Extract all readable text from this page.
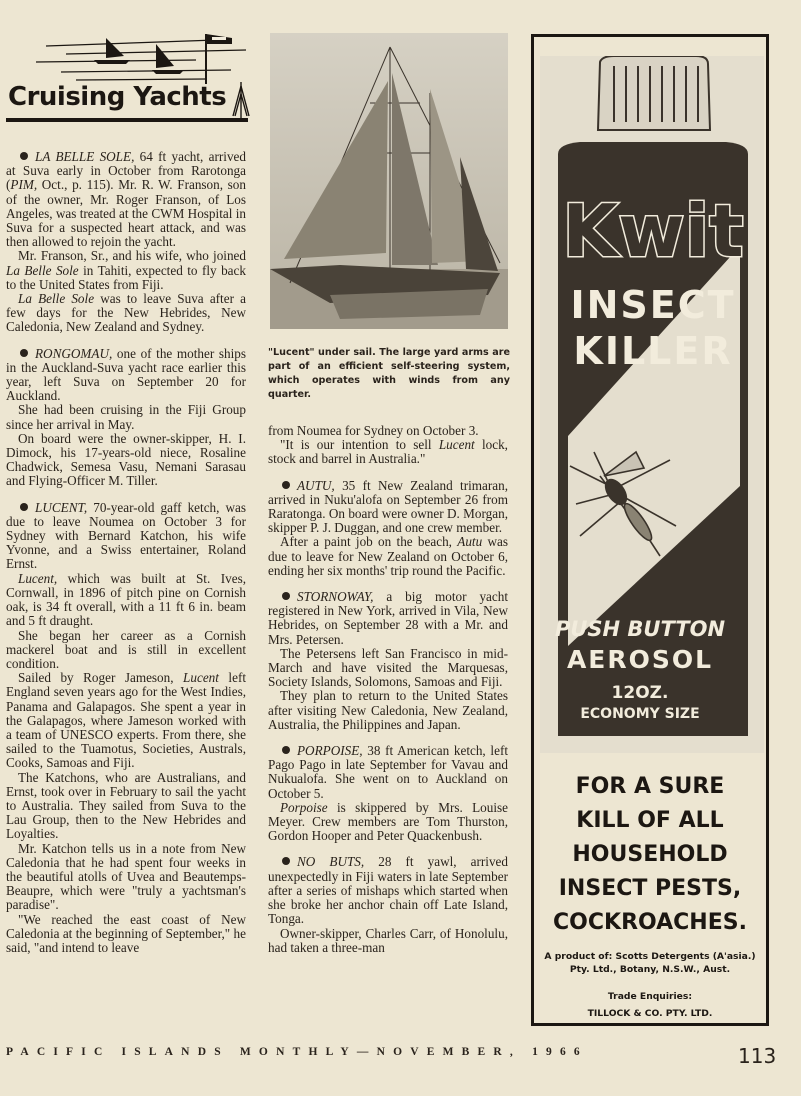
Cruising Yachts

LA BELLE SOLE, 64 ft yacht, arrived at Suva early in October from Rarotonga (PIM, Oct., p. 115). Mr. R. W. Franson, son of the owner, Mr. Roger Franson, of Los Angeles, was treated at the CWM Hospital in Suva for a suspected heart attack, and was then allowed to rejoin the yacht.

Mr. Franson, Sr., and his wife, who joined La Belle Sole in Tahiti, expected to fly back to the United States from Fiji.

La Belle Sole was to leave Suva after a few days for the New Hebrides, New Caledonia, New Zealand and Sydney.

RONGOMAU, one of the mother ships in the Auckland-Suva yacht race earlier this year, left Suva on September 20 for Auckland.

She had been cruising in the Fiji Group since her arrival in May.

On board were the owner-skipper, H. I. Dimock, his 17-years-old niece, Rosaline Chadwick, Semesa Vasu, Nemani Sarasau and Flying-Officer M. Tiller.

LUCENT, 70-year-old gaff ketch, was due to leave Noumea on October 3 for Sydney with Bernard Katchon, his wife Yvonne, and a Swiss entertainer, Roland Ernst.

Lucent, which was built at St. Ives, Cornwall, in 1896 of pitch pine on Cornish oak, is 34 ft overall, with a 11 ft 6 in. beam and 5 ft draught.

She began her career as a Cornish mackerel boat and is still in excellent condition.

Sailed by Roger Jameson, Lucent left England seven years ago for the West Indies, Panama and Galapagos. She spent a year in the Galapagos, where Jameson worked with a team of UNESCO experts. From there, she sailed to the Tuamotus, Societies, Australs, Cooks, Samoas and Fiji.

The Katchons, who are Australians, and Ernst, took over in February to sail the yacht to Australia. They sailed from Suva to the Lau Group, then to the New Hebrides and Loyalties.

Mr. Katchon tells us in a note from New Caledonia that he had spent four weeks in the beautiful atolls of Uvea and Beautemps-Beaupre, which were "truly a yachtsman's paradise".

"We reached the east coast of New Caledonia at the beginning of September," he said, "and intend to leave

"Lucent" under sail. The large yard arms are part of an efficient self-steering system, which operates with winds from any quarter.

from Noumea for Sydney on October 3.

"It is our intention to sell Lucent lock, stock and barrel in Australia."

AUTU, 35 ft New Zealand trimaran, arrived in Nuku'alofa on September 26 from Raratonga. On board were owner D. Morgan, skipper P. J. Duggan, and one crew member.

After a paint job on the beach, Autu was due to leave for New Zealand on October 6, ending her six months' trip round the Pacific.

STORNOWAY, a big motor yacht registered in New York, arrived in Vila, New Hebrides, on September 28 with a Mr. and Mrs. Petersen.

The Petersens left San Francisco in mid-March and have visited the Marquesas, Society Islands, Solomons, Samoas and Fiji.

They plan to return to the United States after visiting New Caledonia, New Zealand, Australia, the Philippines and Japan.

PORPOISE, 38 ft American ketch, left Pago Pago in late September for Vavau and Nukualofa. She went on to Auckland on October 5.

Porpoise is skippered by Mrs. Louise Meyer. Crew members are Tom Thurston, Gordon Hooper and Peter Quackenbush.

NO BUTS, 28 ft yawl, arrived unexpectedly in Fiji waters in late September after a series of mishaps which started when she broke her anchor chain off Late Island, Tonga.

Owner-skipper, Charles Carr, of Honolulu, had taken a three-man

Kwit
INSECT
KILLER
PUSH BUTTON
AEROSOL
12OZ.
ECONOMY SIZE
FOR A SURE
KILL OF ALL
HOUSEHOLD
INSECT PESTS,
COCKROACHES.
A product of: Scotts Detergents (A'asia.) Pty. Ltd., Botany, N.S.W., Aust.
Trade Enquiries:
TILLOCK & CO. PTY. LTD.
PACIFIC ISLANDS MONTHLY—NOVEMBER, 1966	113
